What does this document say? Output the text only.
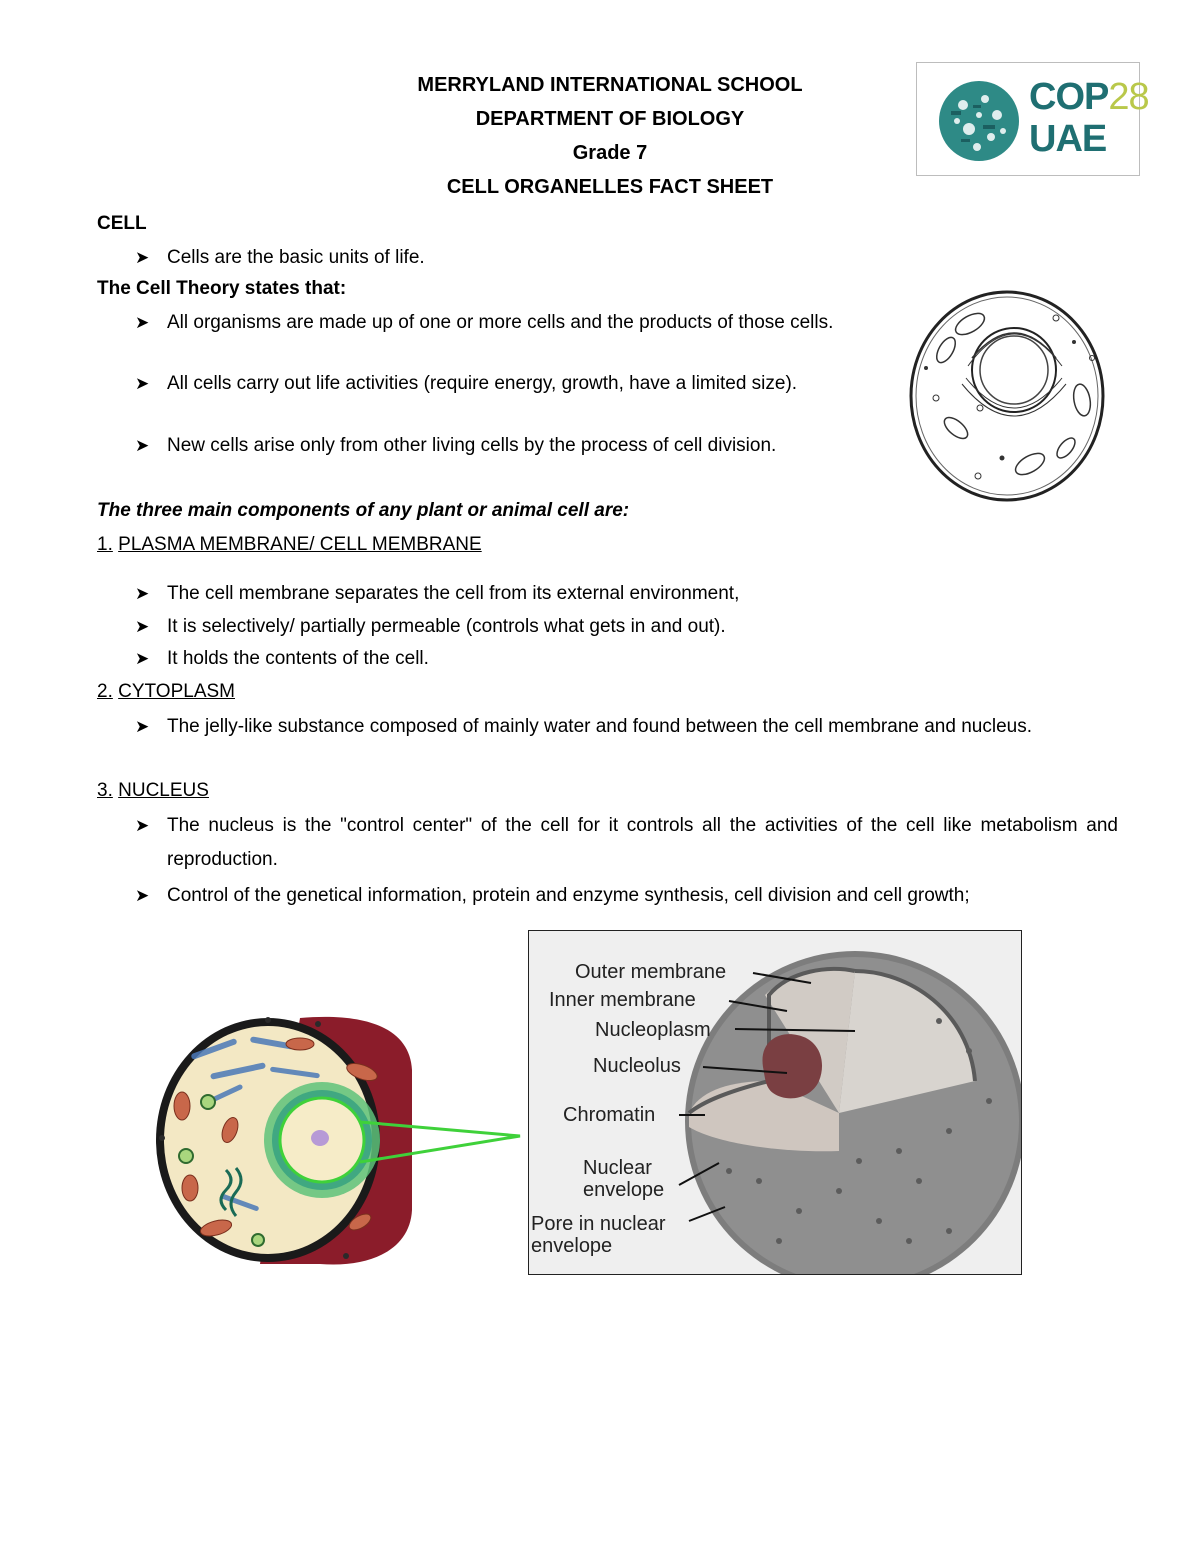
MERRYLAND INTERNATIONAL SCHOOL
DEPARTMENT OF BIOLOGY
Grade 7
CELL ORGANELLES FACT SHEET
COP28
UAE
CELL
➤ Cells are the basic units of life.
The Cell Theory states that:
➤ All organisms are made up of one or more cells and the products of those cells.
➤ All cells carry out life activities (require energy, growth, have a limited size).
➤ New cells arise only from other living cells by the process of cell division.
The three main components of any plant or animal cell are:
1. PLASMA MEMBRANE/ CELL MEMBRANE
➤ The cell membrane separates the cell from its external environment,
➤ It is selectively/ partially permeable (controls what gets in and out).
➤ It holds the contents of the cell.
2. CYTOPLASM
➤ The jelly-like substance composed of mainly water and found between the cell membrane and nucleus.
3. NUCLEUS
➤ The nucleus is the "control center" of the cell for it controls all the activities of the cell like metabolism and reproduction.
➤ Control of the genetical information, protein and enzyme synthesis, cell division and cell growth;
Outer membrane
Inner membrane
Nucleoplasm
Nucleolus
Chromatin
Nuclear
envelope
Pore in nuclear
envelope
